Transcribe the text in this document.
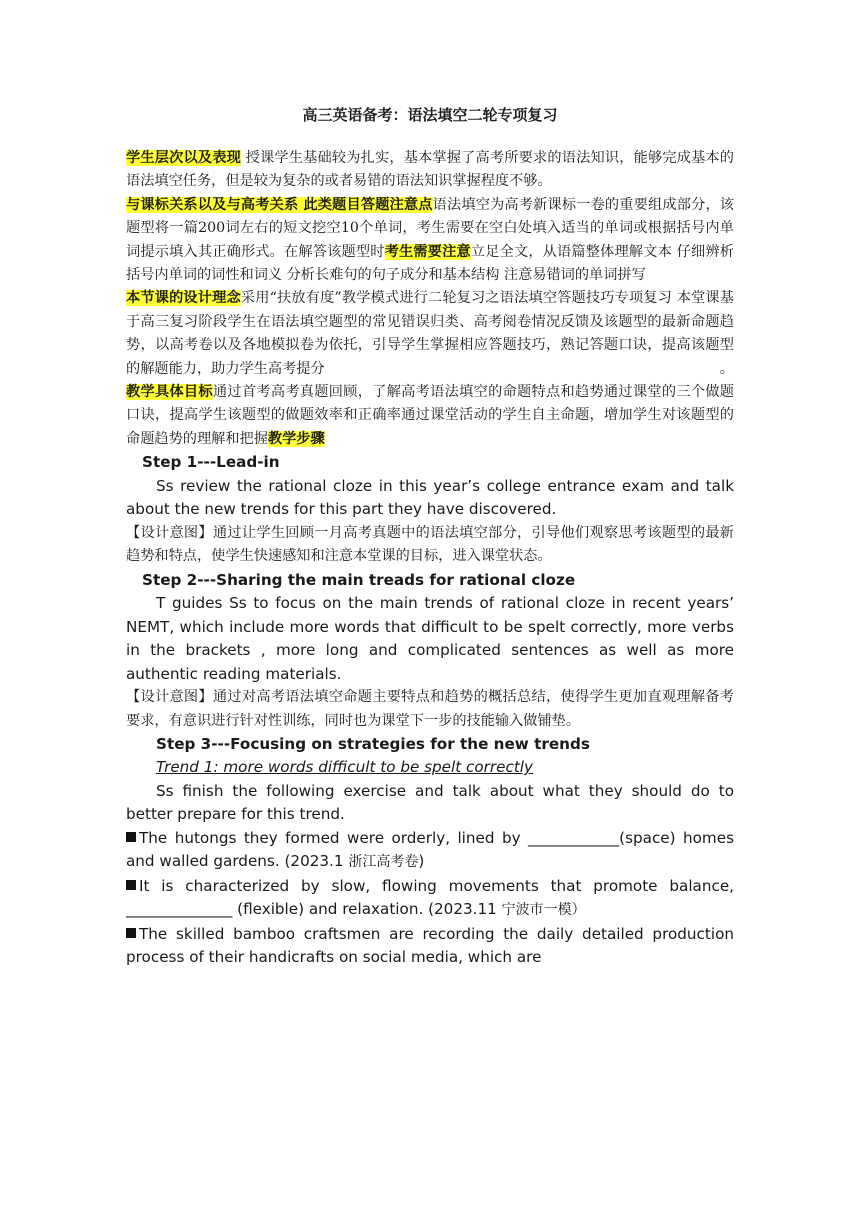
高三英语备考：语法填空二轮专项复习

学生层次以及表现 授课学生基础较为扎实，基本掌握了高考所要求的语法知识，能够完成基本的语法填空任务，但是较为复杂的或者易错的语法知识掌握程度不够。

与课标关系以及与高考关系 此类题目答题注意点语法填空为高考新课标一卷的重要组成部分，该题型将一篇200词左右的短文挖空10个单词，考生需要在空白处填入适当的单词或根据括号内单词提示填入其正确形式。在解答该题型时考生需要注意立足全文，从语篇整体理解文本 仔细辨析括号内单词的词性和词义 分析长难句的句子成分和基本结构 注意易错词的单词拼写

本节课的设计理念采用“扶放有度”教学模式进行二轮复习之语法填空答题技巧专项复习 本堂课基于高三复习阶段学生在语法填空题型的常见错误归类、高考阅卷情况反馈及该题型的最新命题趋势，以高考卷以及各地模拟卷为依托，引导学生掌握相应答题技巧，熟记答题口诀，提高该题型的解题能力，助力学生高考提分	。

教学具体目标通过首考高考真题回顾，了解高考语法填空的命题特点和趋势通过课堂的三个做题口诀，提高学生该题型的做题效率和正确率通过课堂活动的学生自主命题，增加学生对该题型的命题趋势的理解和把握教学步骤

Step 1---Lead-in

Ss review the rational cloze in this year’s college entrance exam and talk about the new trends for this part they have discovered.

【设计意图】通过让学生回顾一月高考真题中的语法填空部分，引导他们观察思考该题型的最新趋势和特点，使学生快速感知和注意本堂课的目标，进入课堂状态。

Step 2---Sharing the main treads for rational cloze

T guides Ss to focus on the main trends of rational cloze in recent years’ NEMT, which include more words that difficult to be spelt correctly, more verbs in the brackets , more long and complicated sentences as well as more authentic reading materials.

【设计意图】通过对高考语法填空命题主要特点和趋势的概括总结，使得学生更加直观理解备考要求，有意识进行针对性训练，同时也为课堂下一步的技能输入做铺垫。

Step 3---Focusing on strategies for the new trends

Trend 1: more words difficult to be spelt correctly

Ss finish the following exercise and talk about what they should do to better prepare for this trend.

The hutongs they formed were orderly, lined by ____________(space) homes and walled gardens. (2023.1 浙江高考卷)

It is characterized by slow, flowing movements that promote balance, ______________ (flexible) and relaxation. (2023.11 宁波市一模）

The skilled bamboo craftsmen are recording the daily detailed production process of their handicrafts on social media, which are
